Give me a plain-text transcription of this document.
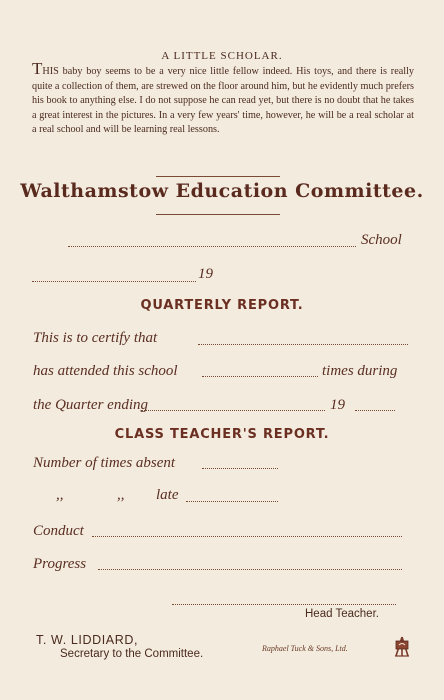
A LITTLE SCHOLAR.
THIS baby boy seems to be a very nice little fellow indeed. His toys, and there is really quite a collection of them, are strewed on the floor around him, but he evidently much prefers his book to anything else. I do not suppose he can read yet, but there is no doubt that he takes a great interest in the pictures. In a very few years' time, however, he will be a real scholar at a real school and will be learning real lessons.
Walthamstow Education Committee.
School
19
QUARTERLY REPORT.
This is to certify that
has attended this school	times during
the Quarter ending	19
CLASS TEACHER'S REPORT.
Number of times absent
,,	,, late
Conduct
Progress
Head Teacher.
T. W. LIDDIARD,
Secretary to the Committee.	Raphael Tuck & Sons, Ltd.
